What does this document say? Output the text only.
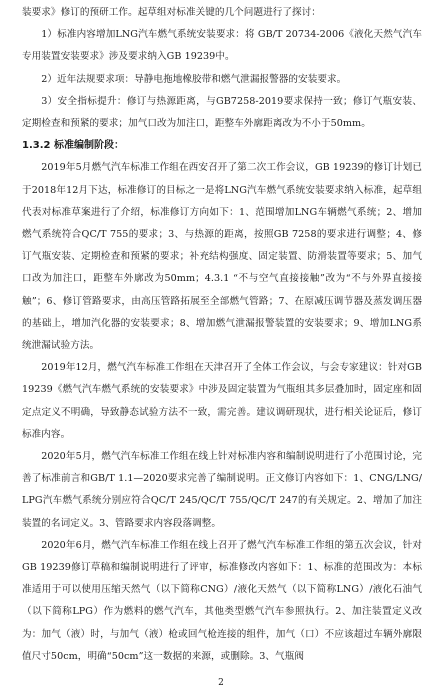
装要求》修订的预研工作。起草组对标准关键的几个问题进行了探讨：

1）标准内容增加LNG汽车燃气系统安装要求：将 GB/T 20734-2006《液化天然气汽车专用装置安装要求》涉及要求纳入GB 19239中。

2）近年法规要求项：导静电拖地橡胶带和燃气泄漏报警器的安装要求。

3）安全指标提升：修订与热源距离，与GB7258-2019要求保持一致；修订气瓶安装、定期检查和预紧的要求；加气口改为加注口，距整车外廓距离改为不小于50mm。

1.3.2 标准编制阶段：

2019年5月燃气汽车标准工作组在西安召开了第二次工作会议，GB 19239的修订计划已于2018年12月下达，标准修订的目标之一是将LNG汽车燃气系统安装要求纳入标准，起草组代表对标准草案进行了介绍，标准修订方向如下：1、范围增加LNG车辆燃气系统；2、增加燃气系统符合QC/T 755的要求；3、与热源的距离，按照GB 7258的要求进行调整；4、修订气瓶安装、定期检查和预紧的要求；补充结构强度、固定装置、防滑装置等要求；5、加气口改为加注口，距整车外廓改为50mm；4.3.1 “不与空气直接接触”改为“不与外界直接接触”；6、修订管路要求，由高压管路拓展至全部燃气管路；7、在原减压调节器及蒸发调压器的基础上，增加汽化器的安装要求；8、增加燃气泄漏报警装置的安装要求；9、增加LNG系统泄漏试验方法。

2019年12月，燃气汽车标准工作组在天津召开了全体工作会议，与会专家建议：针对GB 19239《燃气汽车燃气系统的安装要求》中涉及固定装置为气瓶组其多层叠加时，固定座和固定点定义不明确，导致静态试验方法不一致，需完善。建议调研现状，进行相关论证后，修订标准内容。

2020年5月，燃气汽车标准工作组在线上针对标准内容和编制说明进行了小范围讨论，完善了标准前言和GB/T 1.1—2020要求完善了编制说明。正文修订内容如下：1、CNG/LNG/LPG汽车燃气系统分别应符合QC/T 245/QC/T 755/QC/T 247的有关规定。2、增加了加注装置的名词定义。3、管路要求内容段落调整。

2020年6月，燃气汽车标准工作组在线上召开了燃气汽车标准工作组的第五次会议，针对GB 19239修订草稿和编制说明进行了评审，标准修改内容如下：1、标准的范围改为：本标准适用于可以使用压缩天然气（以下简称CNG）/液化天然气（以下简称LNG）/液化石油气（以下简称LPG）作为燃料的燃气汽车，其他类型燃气汽车参照执行。2、加注装置定义改为：加气（液）时，与加气（液）枪或回气枪连接的组件，加气（口）不应该超过车辆外廓限值尺寸50cm，明确“50cm”这一数据的来源，或删除。3、气瓶阀

2
